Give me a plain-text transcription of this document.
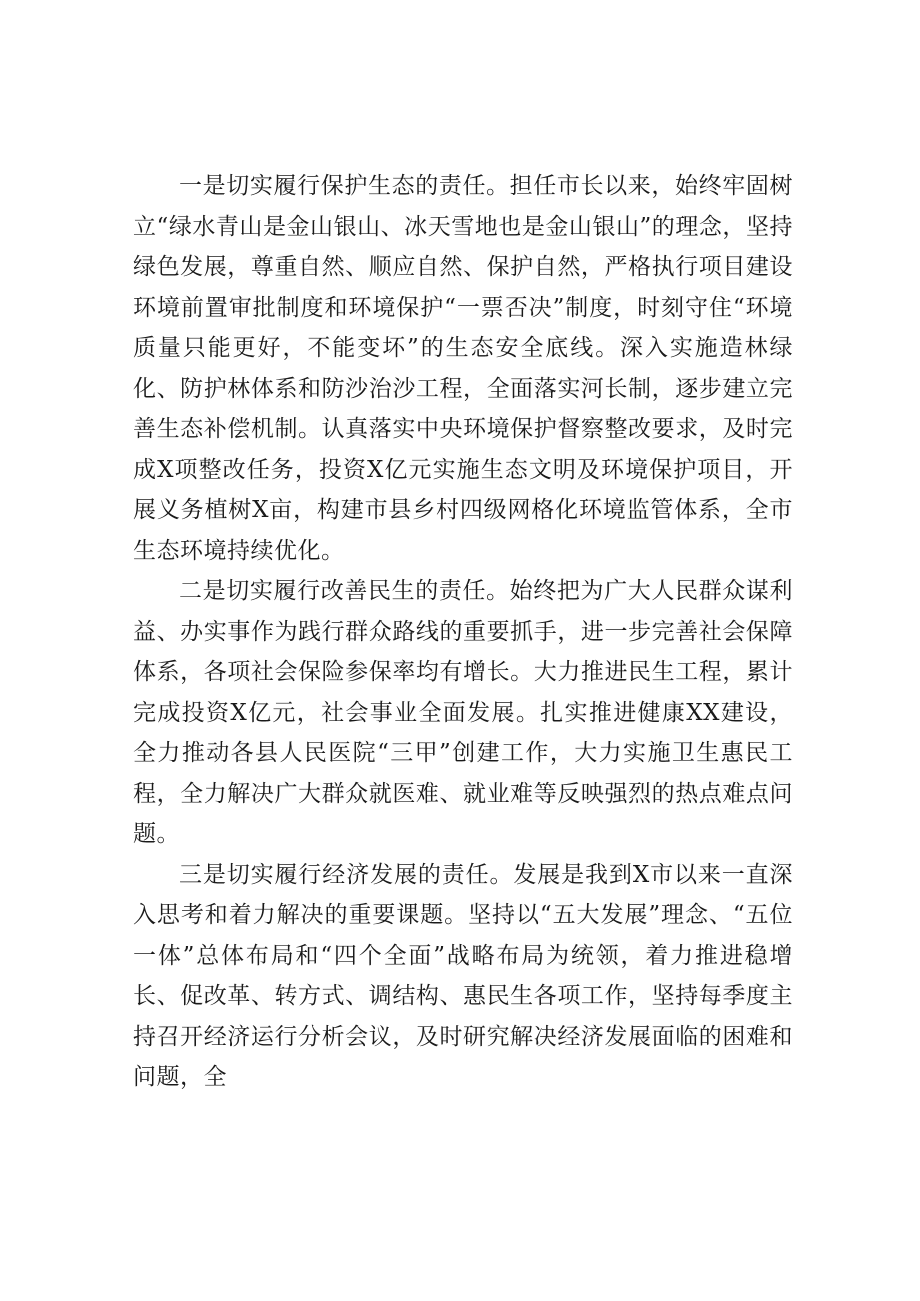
一是切实履行保护生态的责任。担任市长以来，始终牢固树立“绿水青山是金山银山、冰天雪地也是金山银山”的理念，坚持绿色发展，尊重自然、顺应自然、保护自然，严格执行项目建设环境前置审批制度和环境保护“一票否决”制度，时刻守住“环境质量只能更好，不能变坏”的生态安全底线。深入实施造林绿化、防护林体系和防沙治沙工程，全面落实河长制，逐步建立完善生态补偿机制。认真落实中央环境保护督察整改要求，及时完成X项整改任务，投资X亿元实施生态文明及环境保护项目，开展义务植树X亩，构建市县乡村四级网格化环境监管体系，全市生态环境持续优化。

二是切实履行改善民生的责任。始终把为广大人民群众谋利益、办实事作为践行群众路线的重要抓手，进一步完善社会保障体系，各项社会保险参保率均有增长。大力推进民生工程，累计完成投资X亿元，社会事业全面发展。扎实推进健康XX建设，全力推动各县人民医院“三甲”创建工作，大力实施卫生惠民工程，全力解决广大群众就医难、就业难等反映强烈的热点难点问题。

三是切实履行经济发展的责任。发展是我到X市以来一直深入思考和着力解决的重要课题。坚持以“五大发展”理念、“五位一体”总体布局和“四个全面”战略布局为统领，着力推进稳增长、促改革、转方式、调结构、惠民生各项工作，坚持每季度主持召开经济运行分析会议，及时研究解决经济发展面临的困难和问题，全
